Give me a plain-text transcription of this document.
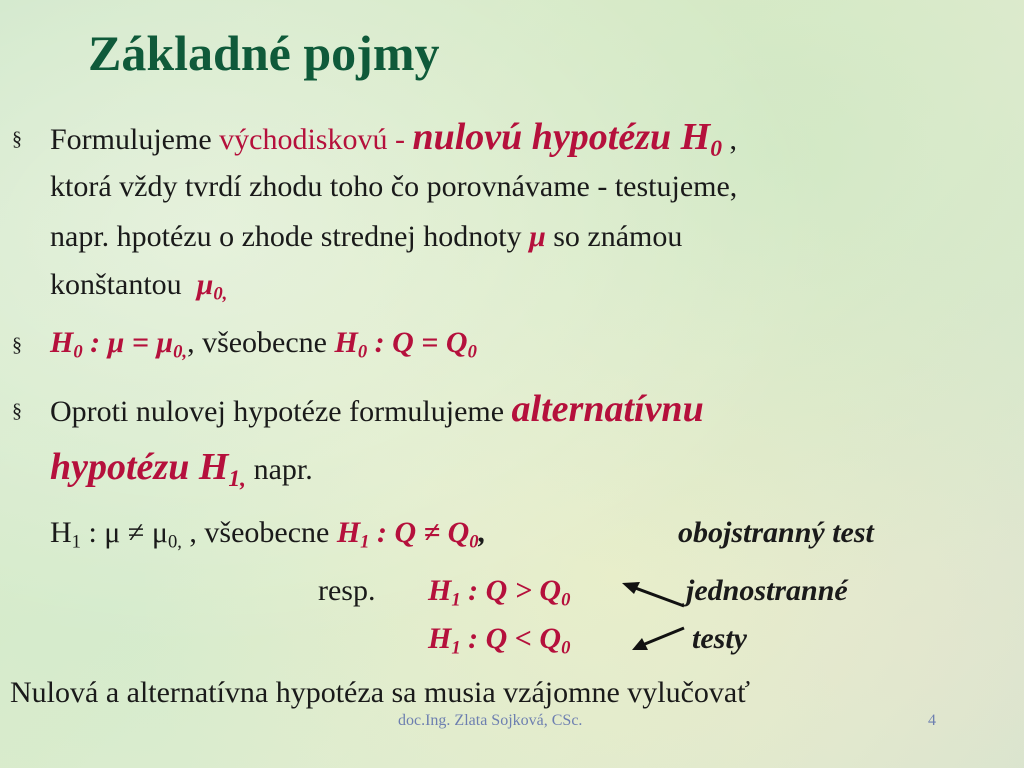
Základné pojmy
§ Formulujeme východiskovú - nulovú hypotézu $H_0$ ,
ktorá vždy tvrdí zhodu toho čo porovnávame - testujeme,
napr. hpotézu o zhode strednej hodnoty μ so známou
konštantou $\mu_{0,}$
§ $H_0$ : $\mu = \mu_{0,}$, všeobecne $H_0$ : $Q = Q_0$
§ Oproti nulovej hypotéze formulujeme alternatívnu
hypotézu $H_{1,}$ napr.
$H_1$ : $\mu \ne \mu_{0,}$ , všeobecne $H_1$ : $Q \ne Q_0$,	obojstranný test
resp. $H_1$ : $Q > Q_0$	jednostranné
$H_1$ : $Q < Q_0$	testy
Nulová a alternatívna hypotéza sa musia vzájomne vylučovať
doc.Ing. Zlata Sojková, CSc.	4
